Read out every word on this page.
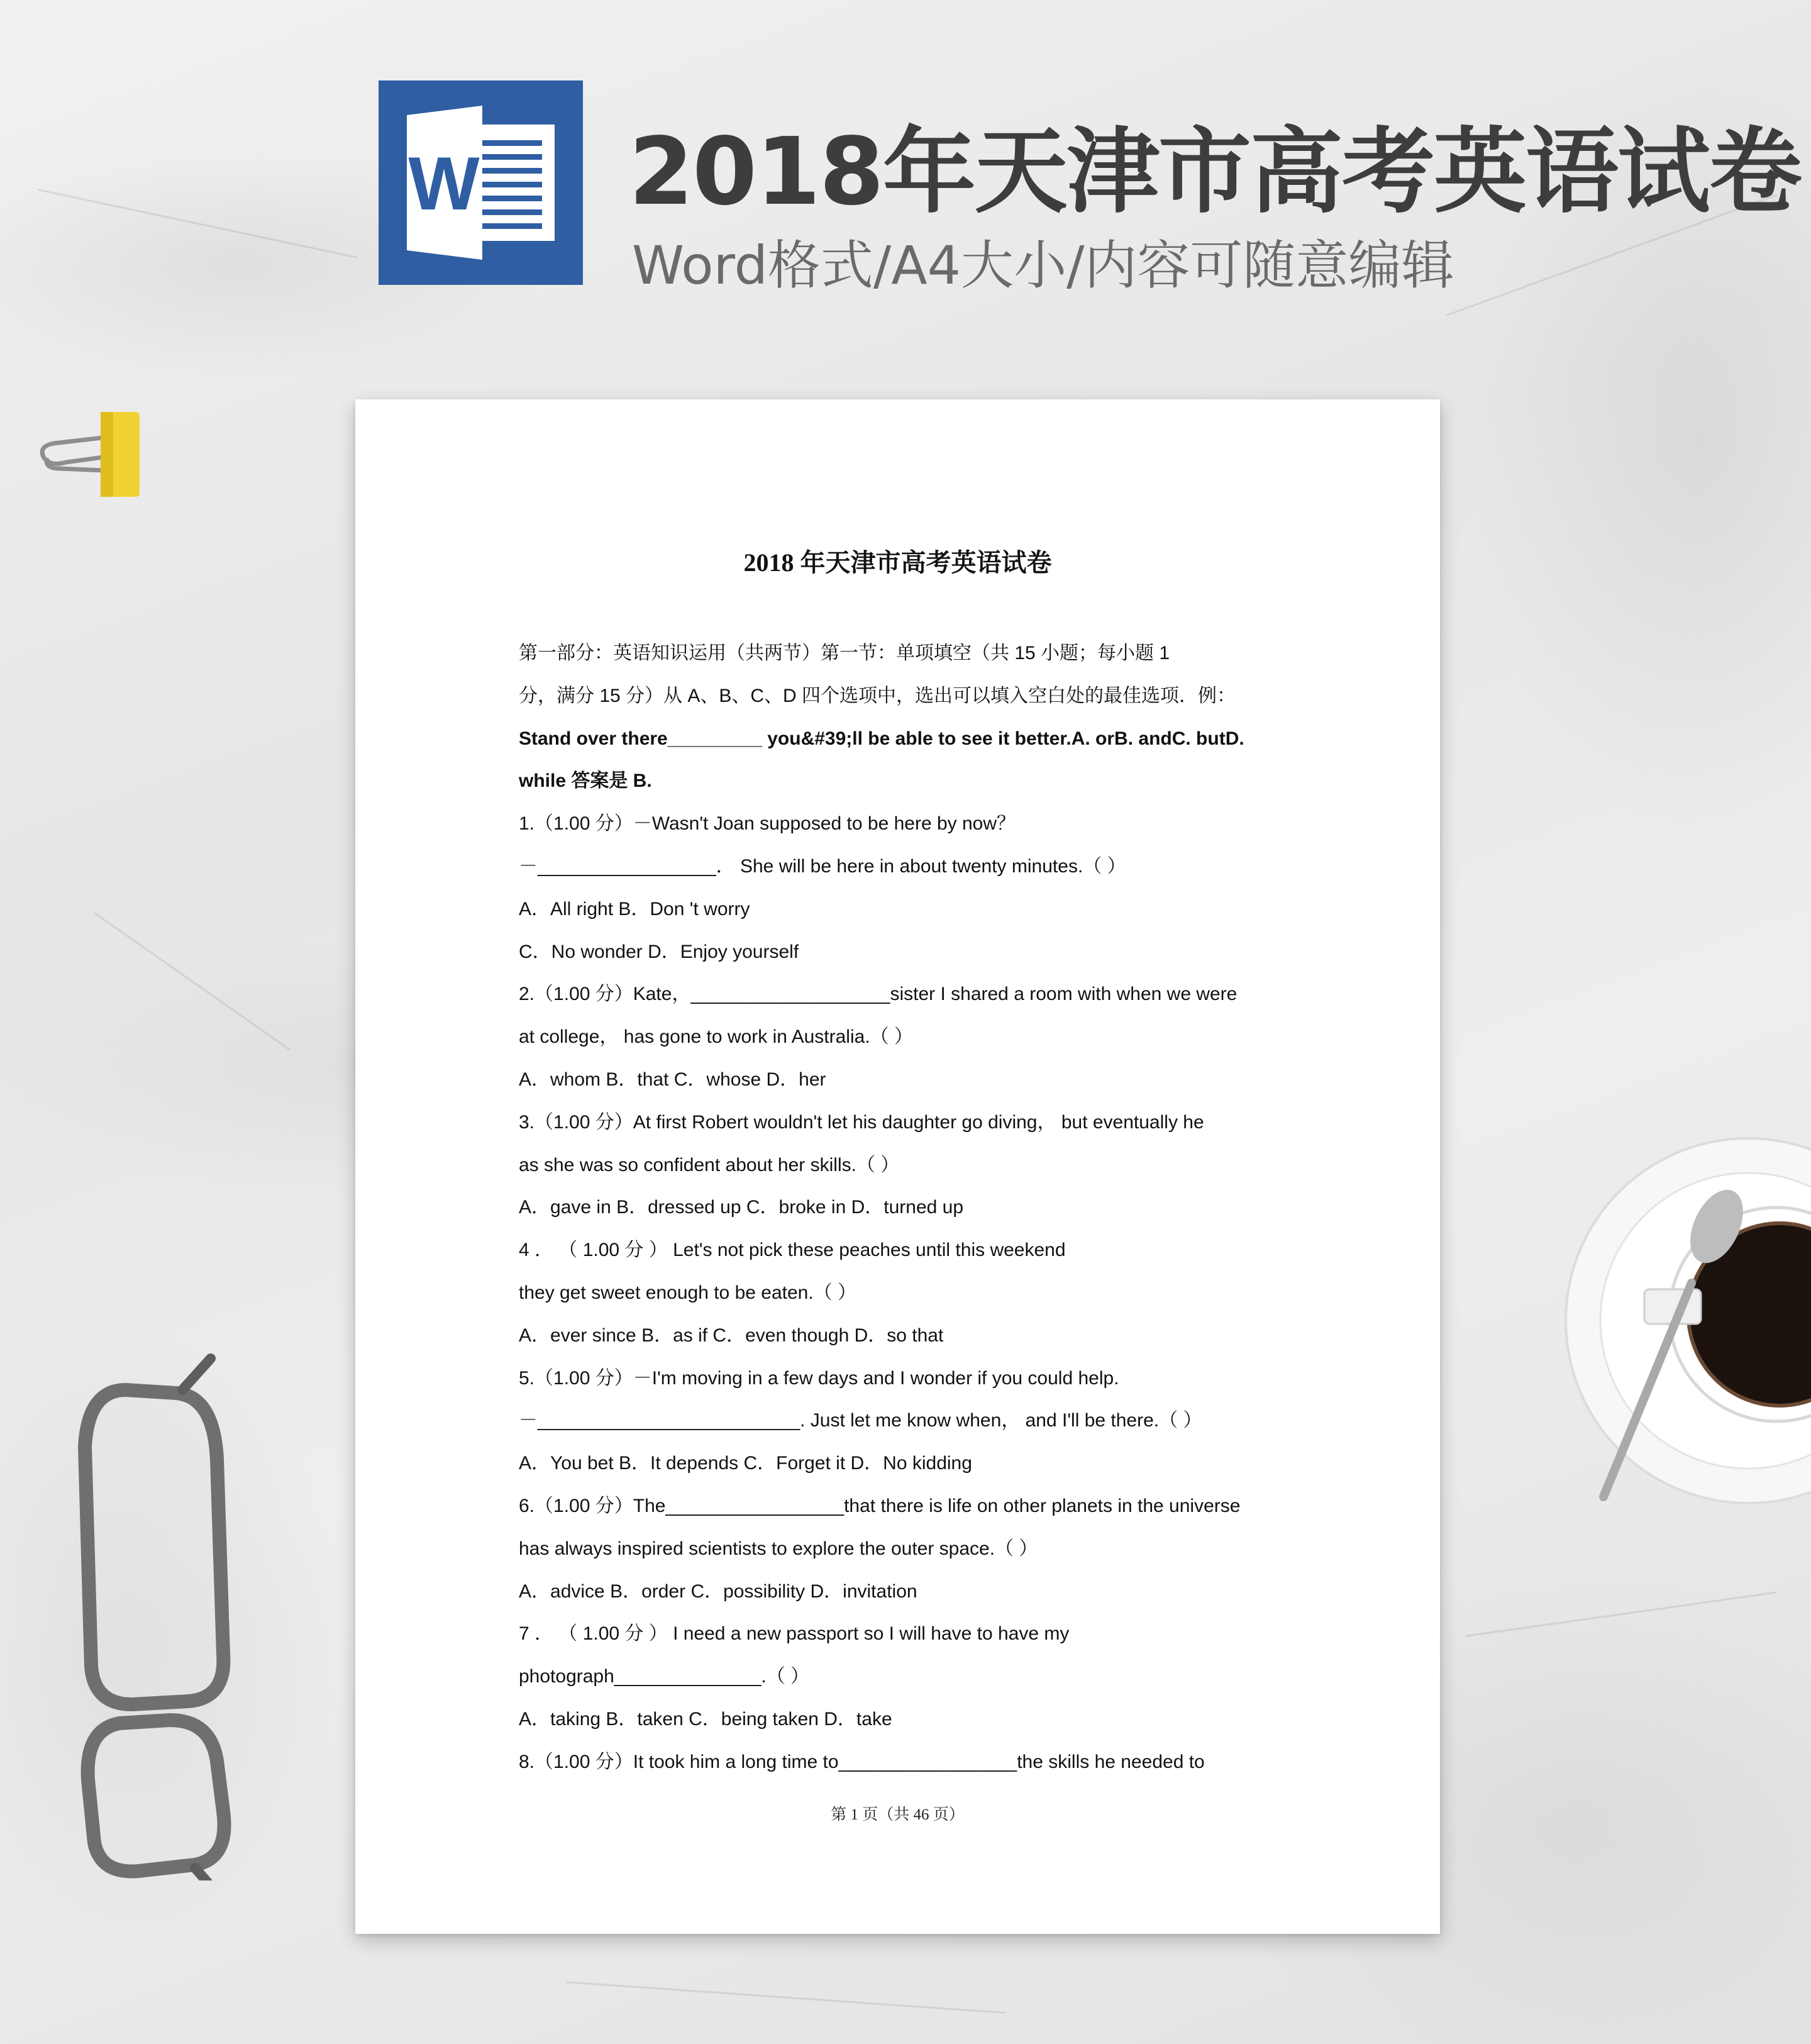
W 2018年天津市高考英语试卷

Word格式/A4大小/内容可随意编辑

2018 年天津市高考英语试卷
第一部分：英语知识运用（共两节）第一节：单项填空（共 15 小题；每小题 1
分，满分 15 分）从 A、B、C、D 四个选项中，选出可以填入空白处的最佳选项．例：
Stand over there_________ you&#39;ll be able to see it better.A. orB. andC. butD.
while 答案是 B.
1.（1.00 分）－Wasn't Joan supposed to be here by now？
－_________________． She will be here in about twenty minutes.（ ）
A．All right B．Don 't worry
C．No wonder D．Enjoy yourself
2.（1.00 分）Kate，___________________sister I shared a room with when we were
at college， has gone to work in Australia.（ ）
A．whom B．that C．whose D．her
3.（1.00 分）At first Robert wouldn't let his daughter go diving， but eventually he
as she was so confident about her skills.（ ）
A．gave in B．dressed up C．broke in D．turned up
4 ． （ 1.00 分 ） Let's not pick these peaches until this weekend
they get sweet enough to be eaten.（ ）
A．ever since B．as if C．even though D．so that
5.（1.00 分）－I'm moving in a few days and I wonder if you could help.
－_________________________. Just let me know when， and I'll be there.（ ）
A．You bet B．It depends C．Forget it D．No kidding
6.（1.00 分）The_________________that there is life on other planets in the universe
has always inspired scientists to explore the outer space.（ ）
A．advice B．order C．possibility D．invitation
7 ． （ 1.00 分 ） I need a new passport so I will have to have my
photograph______________.（ ）
A．taking B．taken C．being taken D．take
8.（1.00 分）It took him a long time to_________________the skills he needed to
第 1 页（共 46 页）
